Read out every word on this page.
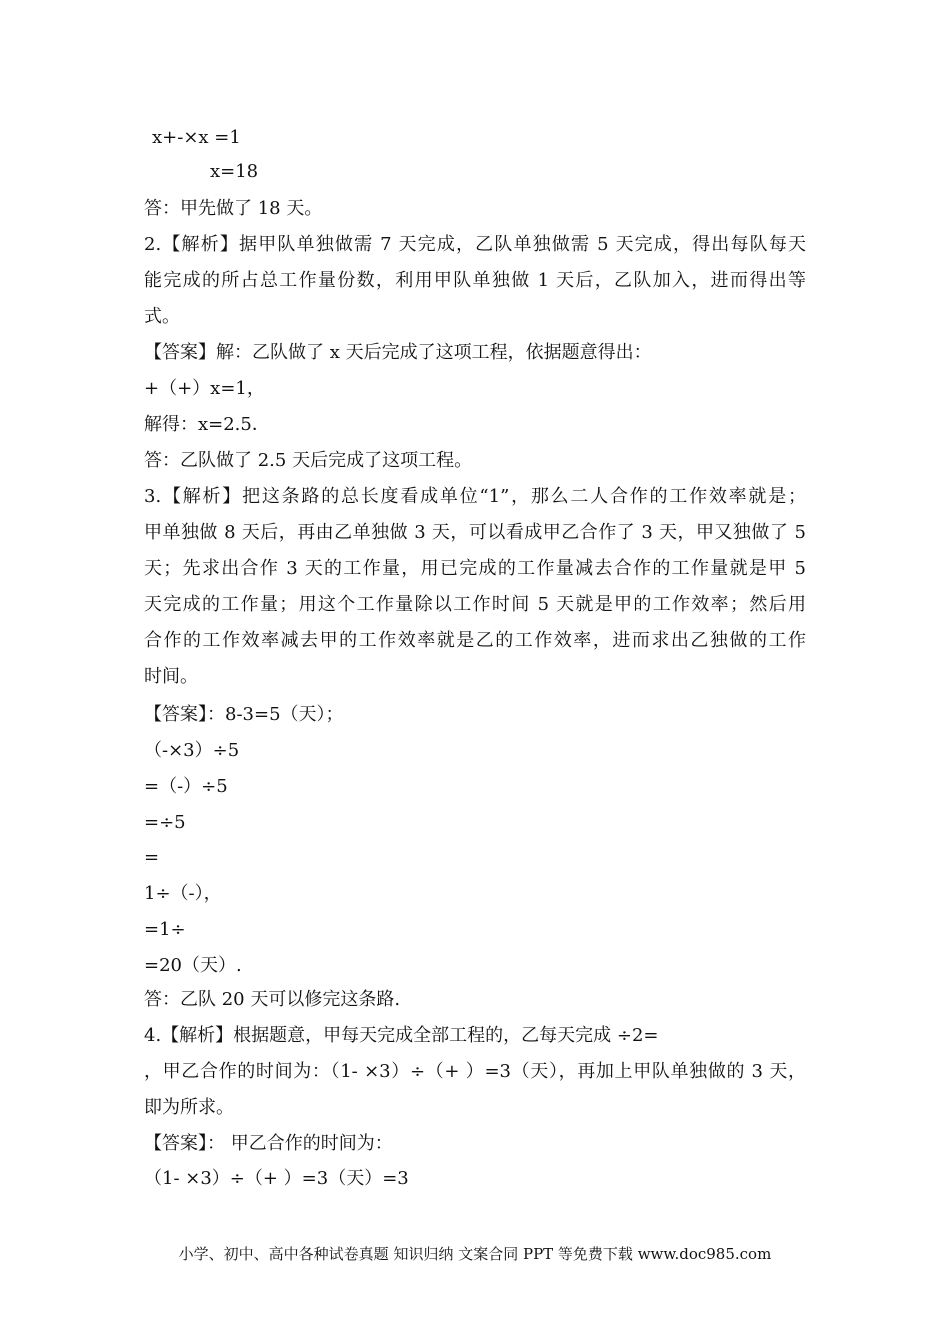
x+-×x =1
x=18
答：甲先做了 18 天。
2.【解析】据甲队单独做需 7 天完成，乙队单独做需 5 天完成，得出每队每天
能完成的所占总工作量份数，利用甲队单独做 1 天后，乙队加入，进而得出等
式。
【答案】解：乙队做了 x 天后完成了这项工程，依据题意得出：
+（+）x=1，
解得：x=2.5．
答：乙队做了 2.5 天后完成了这项工程。
3.【解析】把这条路的总长度看成单位“1”，那么二人合作的工作效率就是；
甲单独做 8 天后，再由乙单独做 3 天，可以看成甲乙合作了 3 天，甲又独做了 5
天；先求出合作 3 天的工作量，用已完成的工作量减去合作的工作量就是甲 5
天完成的工作量；用这个工作量除以工作时间 5 天就是甲的工作效率；然后用
合作的工作效率减去甲的工作效率就是乙的工作效率，进而求出乙独做的工作
时间。
【答案】：8-3=5（天）；
（-×3）÷5
=（-）÷5
=÷5
=
1÷（-），
=1÷
=20（天）.
答：乙队 20 天可以修完这条路.
4.【解析】根据题意，甲每天完成全部工程的，乙每天完成 ÷2=
，甲乙合作的时间为：（1- ×3）÷（+ ）=3（天），再加上甲队单独做的 3 天，
即为所求。
【答案】： 甲乙合作的时间为：
（1- ×3）÷（+ ）=3（天）=3
小学、初中、高中各种试卷真题 知识归纳 文案合同 PPT 等免费下载 www.doc985.com
